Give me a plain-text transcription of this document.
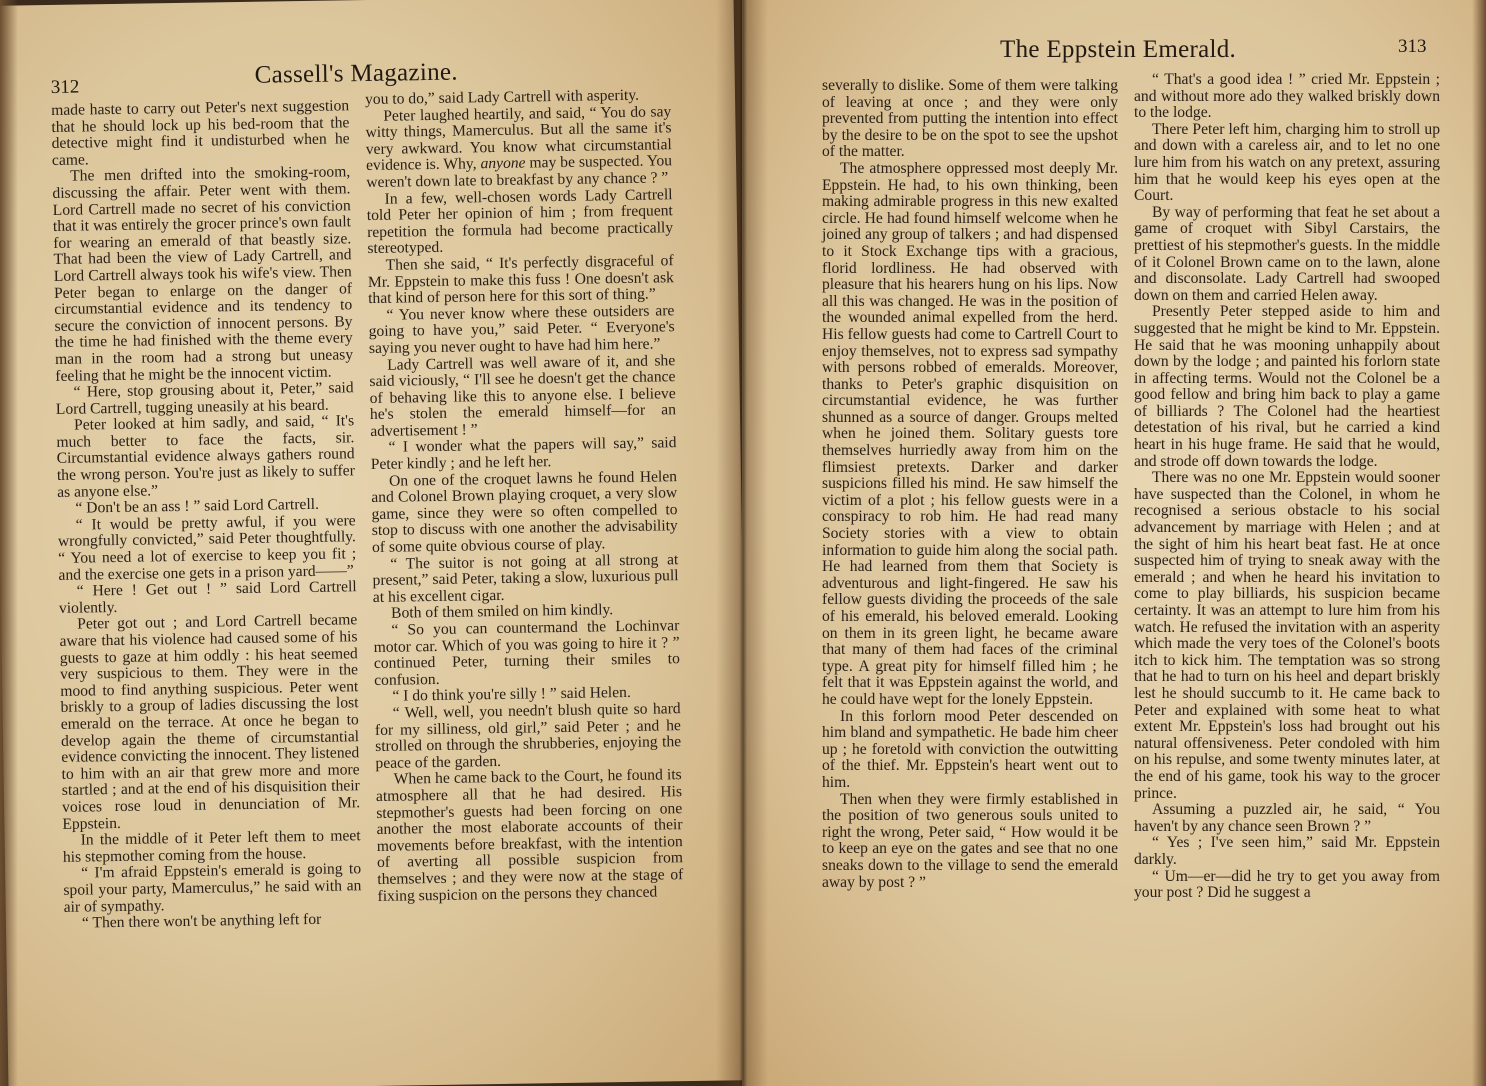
312	Cassell's Magazine.

made haste to carry out Peter's next suggestion that he should lock up his bed-room that the detective might find it undisturbed when he came.

The men drifted into the smoking-room, discussing the affair. Peter went with them. Lord Cartrell made no secret of his conviction that it was entirely the grocer prince's own fault for wearing an emerald of that beastly size. That had been the view of Lady Cartrell, and Lord Cartrell always took his wife's view. Then Peter began to enlarge on the danger of circumstantial evidence and its tendency to secure the conviction of innocent persons. By the time he had finished with the theme every man in the room had a strong but uneasy feeling that he might be the innocent victim.

“ Here, stop grousing about it, Peter,” said Lord Cartrell, tugging uneasily at his beard.

Peter looked at him sadly, and said, “ It's much better to face the facts, sir. Circumstantial evidence always gathers round the wrong person. You're just as likely to suffer as anyone else.”

“ Don't be an ass ! ” said Lord Cartrell.

“ It would be pretty awful, if you were wrongfully convicted,” said Peter thoughtfully. “ You need a lot of exercise to keep you fit ; and the exercise one gets in a prison yard——”

“ Here ! Get out ! ” said Lord Cartrell violently.

Peter got out ; and Lord Cartrell became aware that his violence had caused some of his guests to gaze at him oddly : his heat seemed very suspicious to them. They were in the mood to find anything suspicious. Peter went briskly to a group of ladies discussing the lost emerald on the terrace. At once he began to develop again the theme of circumstantial evidence convicting the innocent. They listened to him with an air that grew more and more startled ; and at the end of his disquisition their voices rose loud in denunciation of Mr. Eppstein.

In the middle of it Peter left them to meet his stepmother coming from the house.

“ I'm afraid Eppstein's emerald is going to spoil your party, Mamerculus,” he said with an air of sympathy.

“ Then there won't be anything left for

you to do,” said Lady Cartrell with asperity.

Peter laughed heartily, and said, “ You do say witty things, Mamerculus. But all the same it's very awkward. You know what circumstantial evidence is. Why, anyone may be suspected. You weren't down late to breakfast by any chance ? ”

In a few, well-chosen words Lady Cartrell told Peter her opinion of him ; from frequent repetition the formula had become practically stereotyped.

Then she said, “ It's perfectly disgraceful of Mr. Eppstein to make this fuss ! One doesn't ask that kind of person here for this sort of thing.”

“ You never know where these outsiders are going to have you,” said Peter. “ Everyone's saying you never ought to have had him here.”

Lady Cartrell was well aware of it, and she said viciously, “ I'll see he doesn't get the chance of behaving like this to anyone else. I believe he's stolen the emerald himself—for an advertisement ! ”

“ I wonder what the papers will say,” said Peter kindly ; and he left her.

On one of the croquet lawns he found Helen and Colonel Brown playing croquet, a very slow game, since they were so often compelled to stop to discuss with one another the advisability of some quite obvious course of play.

“ The suitor is not going at all strong at present,” said Peter, taking a slow, luxurious pull at his excellent cigar.

Both of them smiled on him kindly.

“ So you can countermand the Lochinvar motor car. Which of you was going to hire it ? ” continued Peter, turning their smiles to confusion.

“ I do think you're silly ! ” said Helen.

“ Well, well, you needn't blush quite so hard for my silliness, old girl,” said Peter ; and he strolled on through the shrubberies, enjoying the peace of the garden.

When he came back to the Court, he found its atmosphere all that he had desired. His stepmother's guests had been forcing on one another the most elaborate accounts of their movements before breakfast, with the intention of averting all possible suspicion from themselves ; and they were now at the stage of fixing suspicion on the persons they chanced

The Eppstein Emerald.	313

severally to dislike. Some of them were talking of leaving at once ; and they were only prevented from putting the intention into effect by the desire to be on the spot to see the upshot of the matter.

The atmosphere oppressed most deeply Mr. Eppstein. He had, to his own thinking, been making admirable progress in this new exalted circle. He had found himself welcome when he joined any group of talkers ; and had dispensed to it Stock Exchange tips with a gracious, florid lordliness. He had observed with pleasure that his hearers hung on his lips. Now all this was changed. He was in the position of the wounded animal expelled from the herd. His fellow guests had come to Cartrell Court to enjoy themselves, not to express sad sympathy with persons robbed of emeralds. Moreover, thanks to Peter's graphic disquisition on circumstantial evidence, he was further shunned as a source of danger. Groups melted when he joined them. Solitary guests tore themselves hurriedly away from him on the flimsiest pretexts. Darker and darker suspicions filled his mind. He saw himself the victim of a plot ; his fellow guests were in a conspiracy to rob him. He had read many Society stories with a view to obtain information to guide him along the social path. He had learned from them that Society is adventurous and light-fingered. He saw his fellow guests dividing the proceeds of the sale of his emerald, his beloved emerald. Looking on them in its green light, he became aware that many of them had faces of the criminal type. A great pity for himself filled him ; he felt that it was Eppstein against the world, and he could have wept for the lonely Eppstein.

In this forlorn mood Peter descended on him bland and sympathetic. He bade him cheer up ; he foretold with conviction the outwitting of the thief. Mr. Eppstein's heart went out to him.

Then when they were firmly established in the position of two generous souls united to right the wrong, Peter said, “ How would it be to keep an eye on the gates and see that no one sneaks down to the village to send the emerald away by post ? ”

“ That's a good idea ! ” cried Mr. Eppstein ; and without more ado they walked briskly down to the lodge.

There Peter left him, charging him to stroll up and down with a careless air, and to let no one lure him from his watch on any pretext, assuring him that he would keep his eyes open at the Court.

By way of performing that feat he set about a game of croquet with Sibyl Carstairs, the prettiest of his stepmother's guests. In the middle of it Colonel Brown came on to the lawn, alone and disconsolate. Lady Cartrell had swooped down on them and carried Helen away.

Presently Peter stepped aside to him and suggested that he might be kind to Mr. Eppstein. He said that he was mooning unhappily about down by the lodge ; and painted his forlorn state in affecting terms. Would not the Colonel be a good fellow and bring him back to play a game of billiards ? The Colonel had the heartiest detestation of his rival, but he carried a kind heart in his huge frame. He said that he would, and strode off down towards the lodge.

There was no one Mr. Eppstein would sooner have suspected than the Colonel, in whom he recognised a serious obstacle to his social advancement by marriage with Helen ; and at the sight of him his heart beat fast. He at once suspected him of trying to sneak away with the emerald ; and when he heard his invitation to come to play billiards, his suspicion became certainty. It was an attempt to lure him from his watch. He refused the invitation with an asperity which made the very toes of the Colonel's boots itch to kick him. The temptation was so strong that he had to turn on his heel and depart briskly lest he should succumb to it. He came back to Peter and explained with some heat to what extent Mr. Eppstein's loss had brought out his natural offensiveness. Peter condoled with him on his repulse, and some twenty minutes later, at the end of his game, took his way to the grocer prince.

Assuming a puzzled air, he said, “ You haven't by any chance seen Brown ? ”

“ Yes ; I've seen him,” said Mr. Eppstein darkly.

“ Um—er—did he try to get you away from your post ? Did he suggest a
